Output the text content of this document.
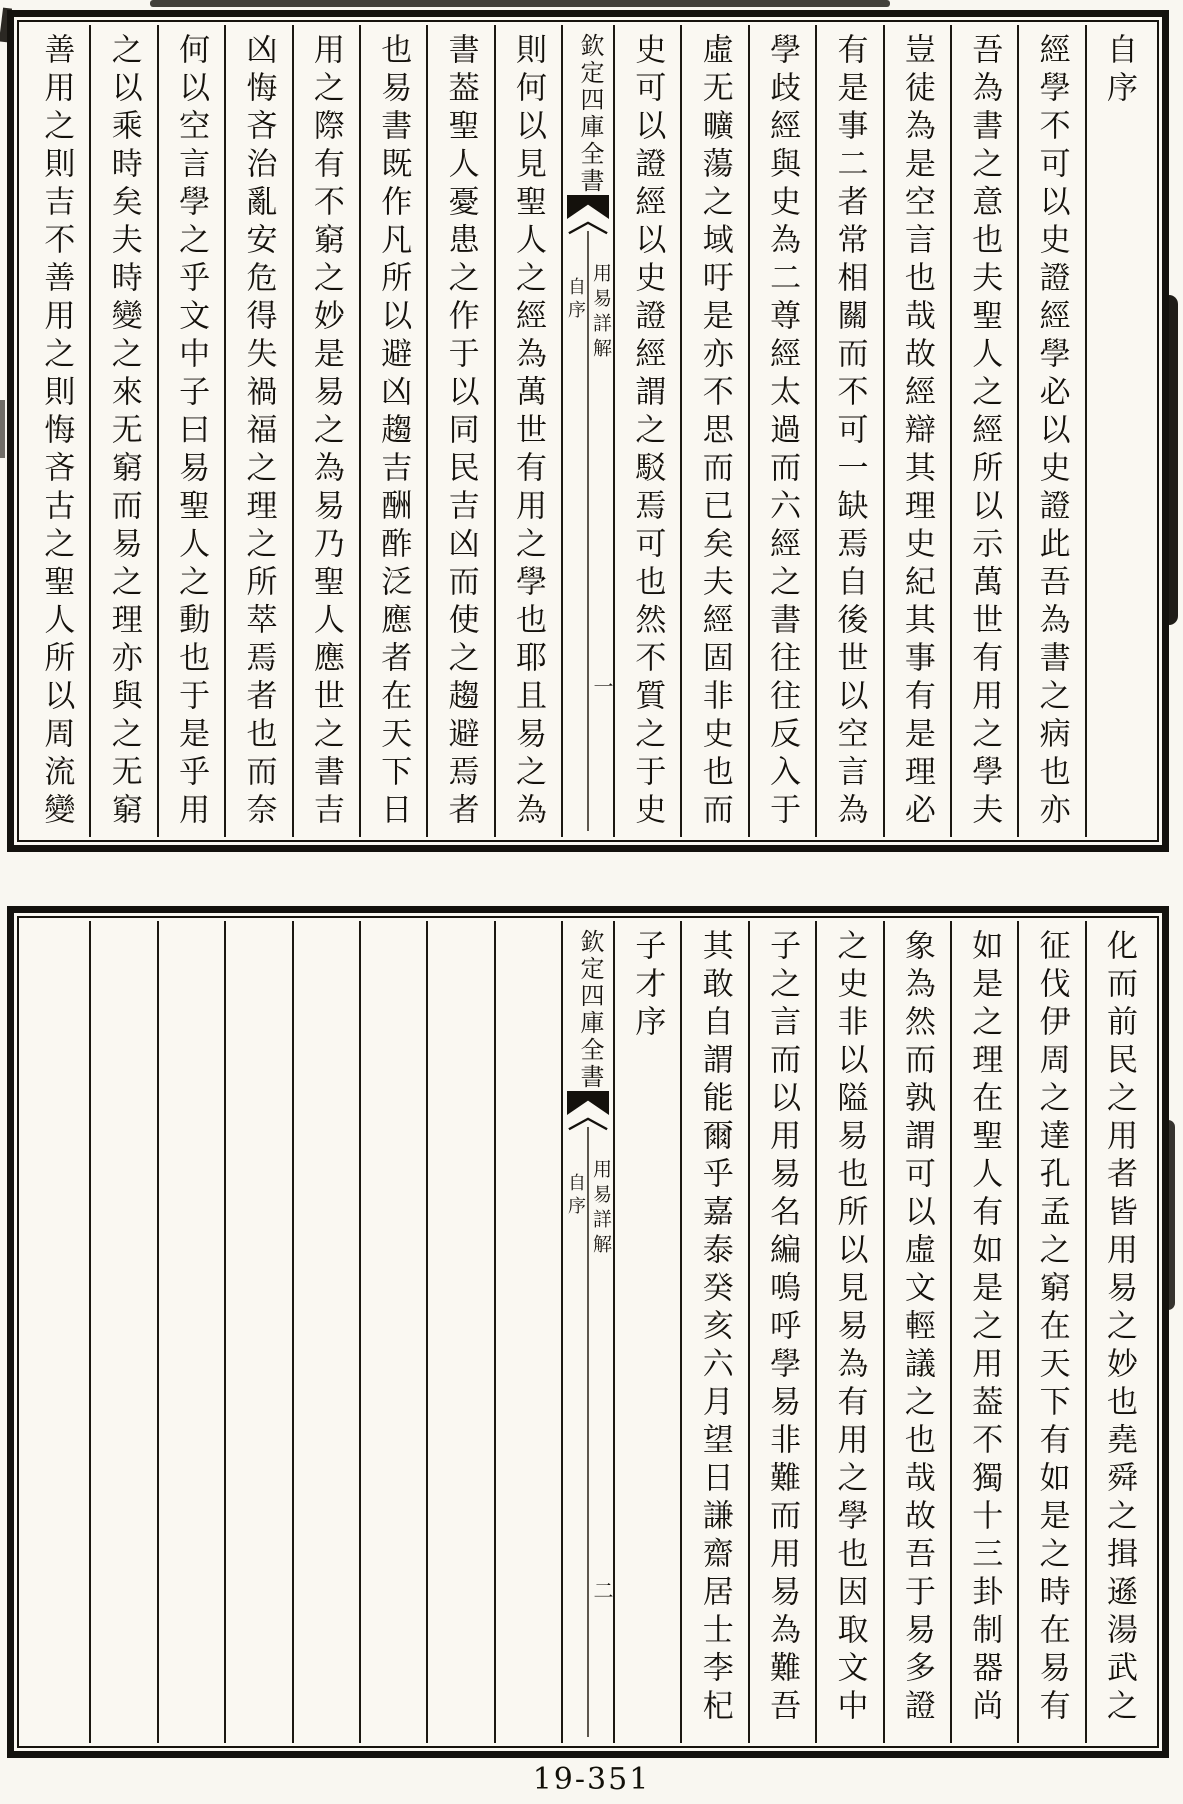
自序
經學不可以史證經學必以史證此吾為書之病也亦
吾為書之意也夫聖人之經所以示萬世有用之學夫
豈徒為是空言也哉故經辯其理史紀其事有是理必
有是事二者常相關而不可一缺焉自後世以空言為
學歧經與史為二尊經太過而六經之書往往反入于
虛无曠蕩之域吁是亦不思而已矣夫經固非史也而
史可以證經以史證經謂之駁焉可也然不質之于史
欽定四庫全書
用易詳解
自序
一
則何以見聖人之經為萬世有用之學也耶且易之為
書葢聖人憂患之作于以同民吉凶而使之趨避焉者
也易書既作凡所以避凶趨吉酬酢泛應者在天下日
用之際有不窮之妙是易之為易乃聖人應世之書吉
凶悔吝治亂安危得失禍福之理之所萃焉者也而奈
何以空言學之乎文中子曰易聖人之動也于是乎用
之以乘時矣夫時變之來无窮而易之理亦與之无窮
善用之則吉不善用之則悔吝古之聖人所以周流變
化而前民之用者皆用易之妙也堯舜之揖遜湯武之
征伐伊周之達孔孟之窮在天下有如是之時在易有
如是之理在聖人有如是之用葢不獨十三卦制器尚
象為然而孰謂可以虛文輕議之也哉故吾于易多證
之史非以隘易也所以見易為有用之學也因取文中
子之言而以用易名編嗚呼學易非難而用易為難吾
其敢自謂能爾乎嘉泰癸亥六月望日謙齋居士李杞
子才序
欽定四庫全書
用易詳解
自序
二
19-351
